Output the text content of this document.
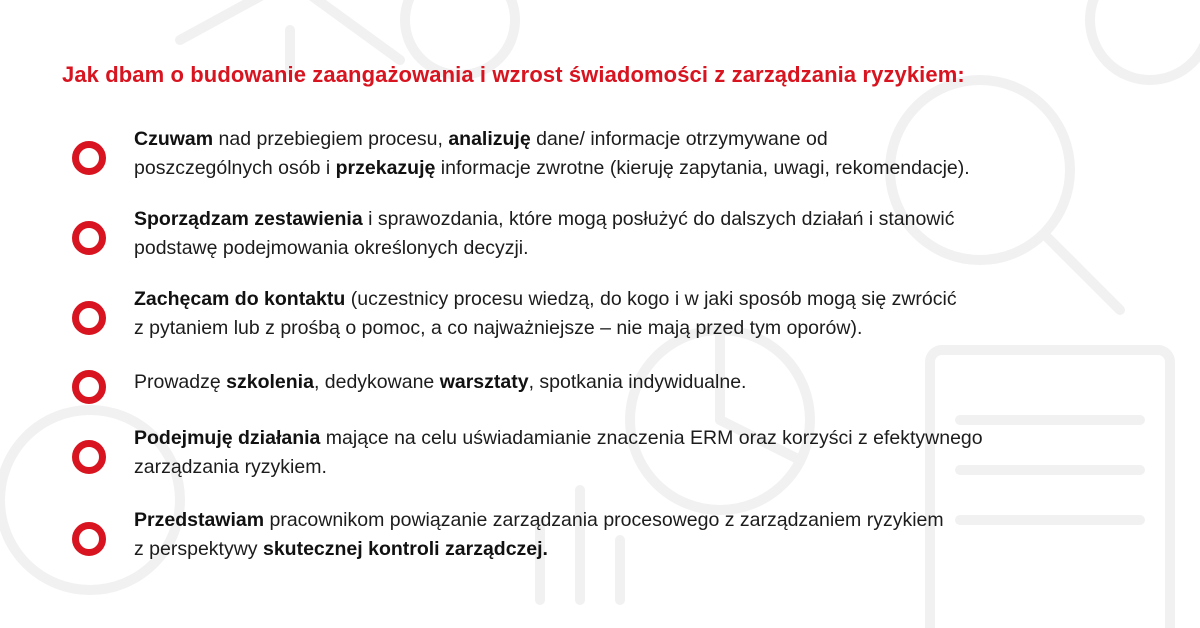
Jak dbam o budowanie zaangażowania i wzrost świadomości z zarządzania ryzykiem:
Czuwam nad przebiegiem procesu, analizuję dane/ informacje otrzymywane od
poszczególnych osób i przekazuję informacje zwrotne (kieruję zapytania, uwagi, rekomendacje).
Sporządzam zestawienia i sprawozdania, które mogą posłużyć do dalszych działań i stanowić
podstawę podejmowania określonych decyzji.
Zachęcam do kontaktu (uczestnicy procesu wiedzą, do kogo i w jaki sposób mogą się zwrócić
z pytaniem lub z prośbą o pomoc, a co najważniejsze – nie mają przed tym oporów).
Prowadzę szkolenia, dedykowane warsztaty, spotkania indywidualne.
Podejmuję działania mające na celu uświadamianie znaczenia ERM oraz korzyści z efektywnego
zarządzania ryzykiem.
Przedstawiam pracownikom powiązanie zarządzania procesowego z zarządzaniem ryzykiem
z perspektywy skutecznej kontroli zarządczej.
